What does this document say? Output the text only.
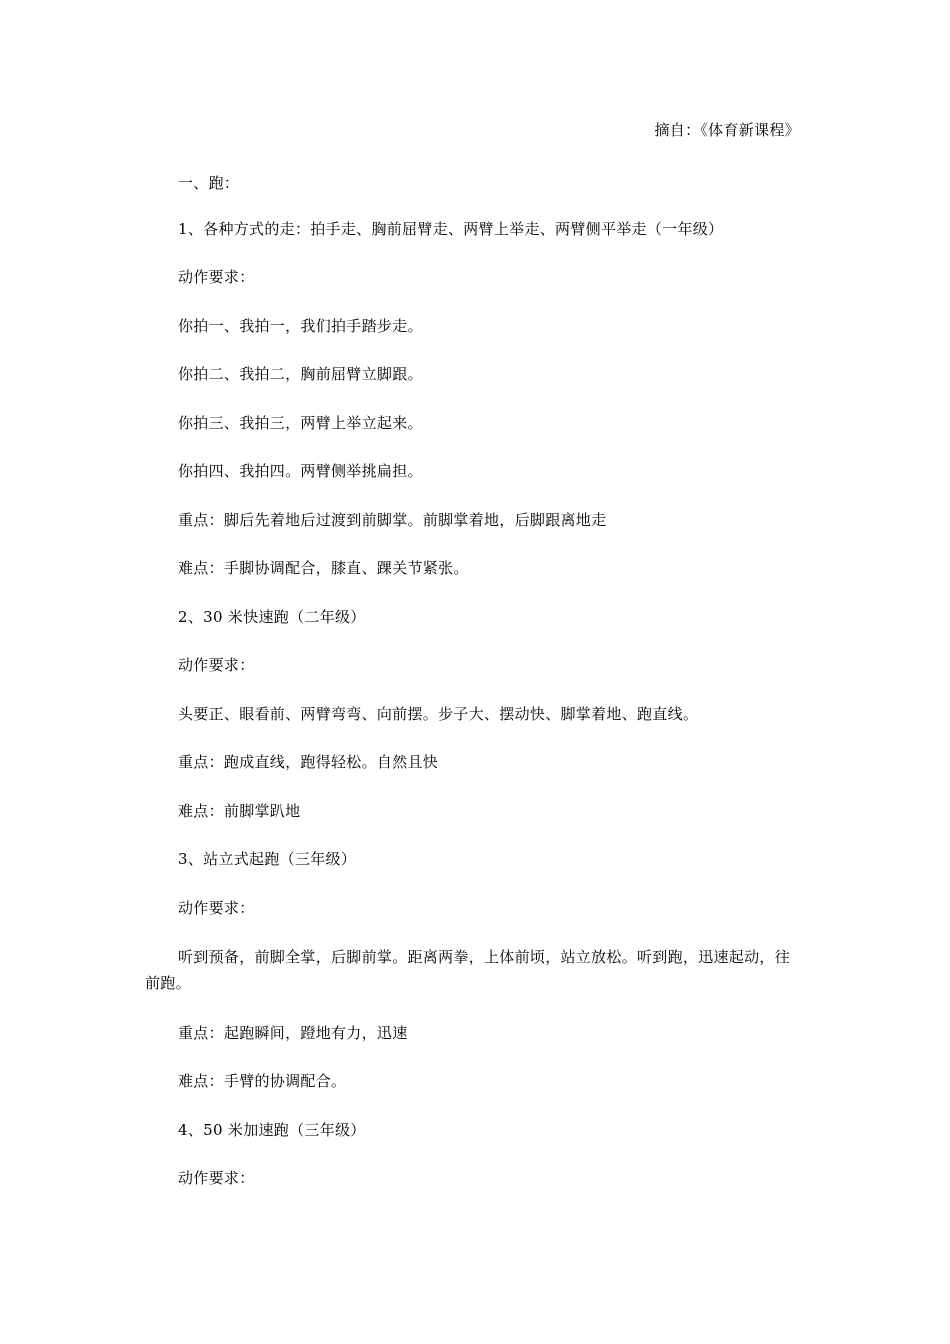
摘自：《体育新课程》
一、跑：
1、各种方式的走：拍手走、胸前屈臂走、两臂上举走、两臂侧平举走（一年级）
动作要求：
你拍一、我拍一，我们拍手踏步走。
你拍二、我拍二，胸前屈臂立脚跟。
你拍三、我拍三，两臂上举立起来。
你拍四、我拍四。两臂侧举挑扁担。
重点：脚后先着地后过渡到前脚掌。前脚掌着地，后脚跟离地走
难点：手脚协调配合，膝直、踝关节紧张。
2、30 米快速跑（二年级）
动作要求：
头要正、眼看前、两臂弯弯、向前摆。步子大、摆动快、脚掌着地、跑直线。
重点：跑成直线，跑得轻松。自然且快
难点：前脚掌趴地
3、站立式起跑（三年级）
动作要求：
听到预备，前脚全掌，后脚前掌。距离两拳，上体前顷，站立放松。听到跑，迅速起动，往前跑。
重点：起跑瞬间，蹬地有力，迅速
难点：手臂的协调配合。
4、50 米加速跑（三年级）
动作要求：
